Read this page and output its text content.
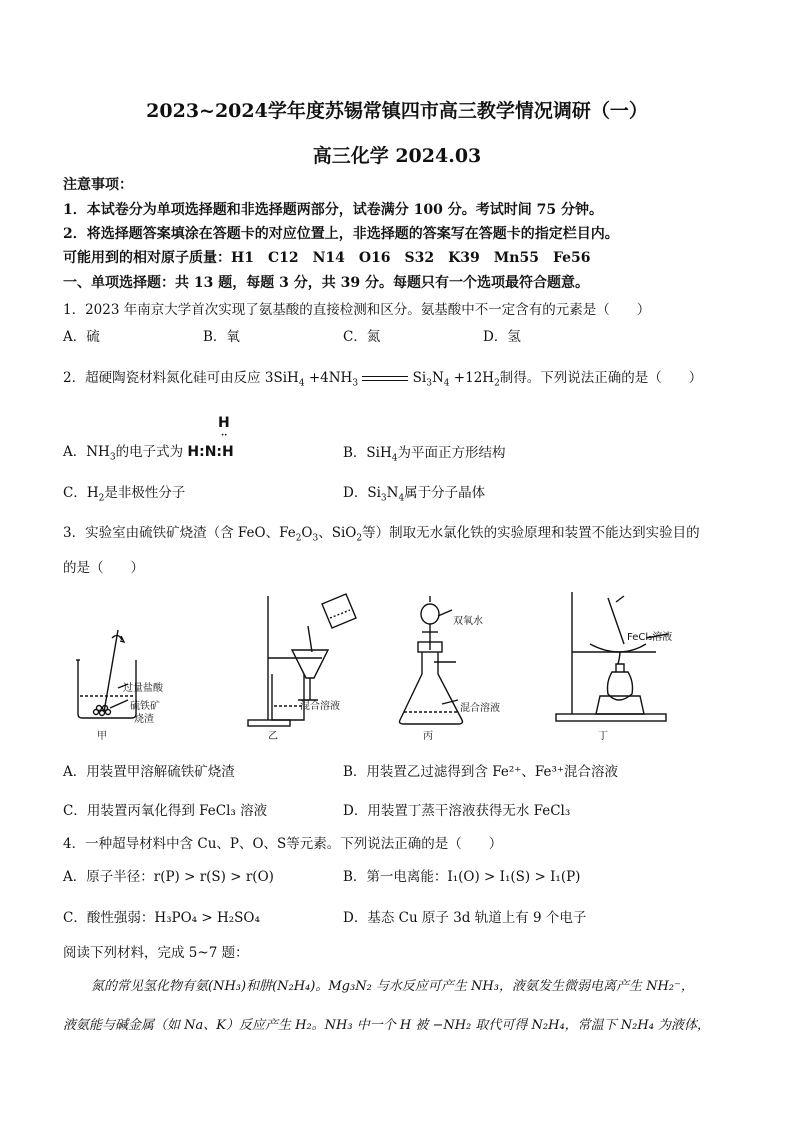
2023~2024学年度苏锡常镇四市高三教学情况调研（一）
高三化学 2024.03
注意事项：
1．本试卷分为单项选择题和非选择题两部分，试卷满分 100 分。考试时间 75 分钟。
2．将选择题答案填涂在答题卡的对应位置上，非选择题的答案写在答题卡的指定栏目内。
可能用到的相对原子质量：H1　C12　N14　O16　S32　K39　Mn55　Fe56
一、单项选择题：共 13 题，每题 3 分，共 39 分。每题只有一个选项最符合题意。
1．2023 年南京大学首次实现了氨基酸的直接检测和区分。氨基酸中不一定含有的元素是（　　）
A．硫	B．氧	C．氮	D．氢
2．超硬陶瓷材料氮化硅可由反应 $3SiH_4 +4NH_3$	$Si_3N_4 +12H_2$制得。下列说法正确的是（　　）
H
A．$NH_3$的电子式为 H:N:H
··
B．SiH$_4$为平面正方形结构
C．$H_2$是非极性分子	D．$Si_3N_4$属于分子晶体
3．实验室由硫铁矿烧渣（含 FeO、$Fe_2O_3$、SiO$_2$等）制取无水氯化铁的实验原理和装置不能达到实验目的
的是（　　）
过量盐酸
硫铁矿
烧渣
甲
混合溶液
乙
双氧水
混合溶液
丙
FeCl₃溶液
丁
A．用装置甲溶解硫铁矿烧渣	B．用装置乙过滤得到含 Fe²⁺、Fe³⁺混合溶液
C．用装置丙氧化得到 FeCl₃ 溶液	D．用装置丁蒸干溶液获得无水 FeCl₃
4．一种超导材料中含 Cu、P、O、S等元素。下列说法正确的是（　　）
A．原子半径：r(P) > r(S) > r(O)	B．第一电离能：I₁(O) > I₁(S) > I₁(P)
C．酸性强弱：H₃PO₄ > H₂SO₄	D．基态 Cu 原子 3d 轨道上有 9 个电子
阅读下列材料，完成 5~7 题：
氮的常见氢化物有氨(NH₃)和肼(N₂H₄)。Mg₃N₂ 与水反应可产生 NH₃，液氨发生微弱电离产生 NH₂⁻，
液氨能与碱金属（如 Na、K）反应产生 H₂。NH₃ 中一个 H 被 −NH₂ 取代可得 N₂H₄，常温下 N₂H₄ 为液体，
